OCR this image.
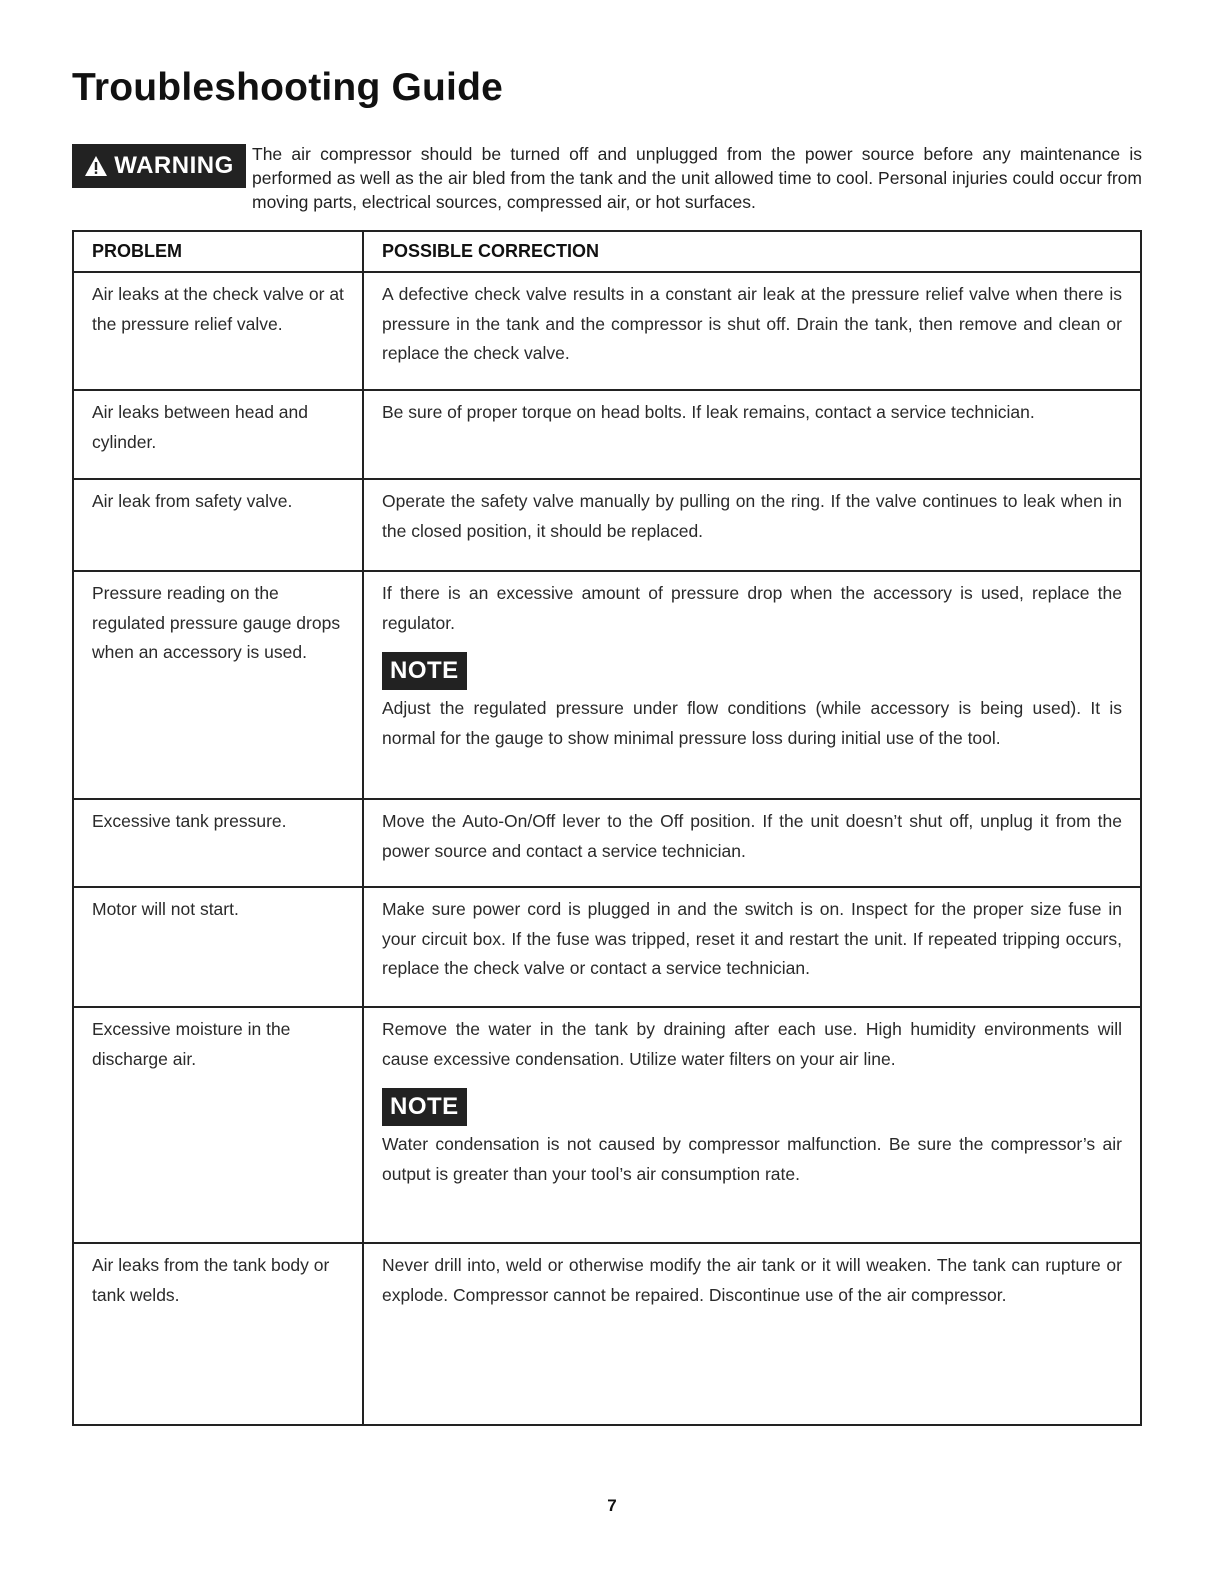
Troubleshooting Guide
WARNING The air compressor should be turned off and unplugged from the power source before any maintenance is performed as well as the air bled from the tank and the unit allowed time to cool. Personal injuries could occur from moving parts, electrical sources, compressed air, or hot surfaces.

PROBLEM	POSSIBLE CORRECTION
Air leaks at the check valve or at the pressure relief valve.	A defective check valve results in a constant air leak at the pressure relief valve when there is pressure in the tank and the compressor is shut off. Drain the tank, then remove and clean or replace the check valve.

Air leaks between head and cylinder.	Be sure of proper torque on head bolts. If leak remains, contact a service technician.

Air leak from safety valve.	Operate the safety valve manually by pulling on the ring. If the valve continues to leak when in the closed position, it should be replaced.

Pressure reading on the regulated pressure gauge drops when an accessory is used.	If there is an excessive amount of pressure drop when the accessory is used, replace the regulator.

NOTE

Adjust the regulated pressure under flow conditions (while accessory is being used). It is normal for the gauge to show minimal pressure loss during initial use of the tool.

Excessive tank pressure.	Move the Auto-On/Off lever to the Off position. If the unit doesn’t shut off, unplug it from the power source and contact a service technician.

Motor will not start.	Make sure power cord is plugged in and the switch is on. Inspect for the proper size fuse in your circuit box. If the fuse was tripped, reset it and restart the unit. If repeated tripping occurs, replace the check valve or contact a service technician.

Excessive moisture in the discharge air.	Remove the water in the tank by draining after each use. High humidity environments will cause excessive condensation. Utilize water filters on your air line.

NOTE

Water condensation is not caused by compressor malfunction. Be sure the compressor’s air output is greater than your tool’s air consumption rate.

Air leaks from the tank body or tank welds.	Never drill into, weld or otherwise modify the air tank or it will weaken. The tank can rupture or explode. Compressor cannot be repaired. Discontinue use of the air compressor.

7
